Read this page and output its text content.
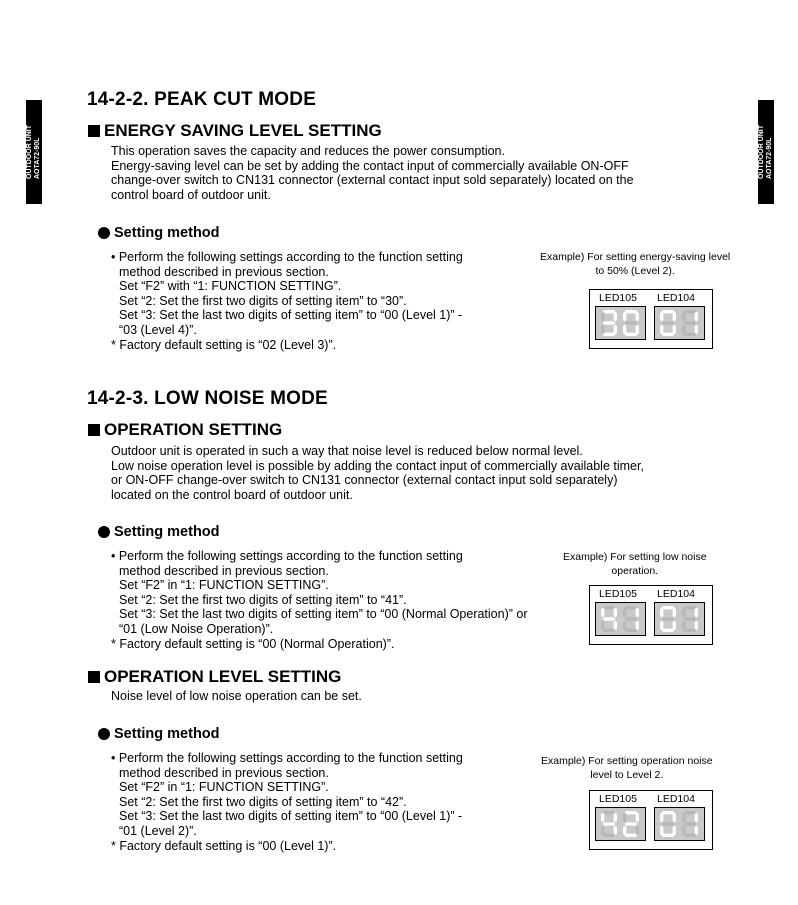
OUTDOOR UNIT AOTA72-90L	OUTDOOR UNIT AOTA72-90L
14-2-2. PEAK CUT MODE
ENERGY SAVING LEVEL SETTING
This operation saves the capacity and reduces the power consumption.
Energy-saving level can be set by adding the contact input of commercially available ON-OFF
change-over switch to CN131 connector (external contact input sold separately) located on the
control board of outdoor unit.
Setting method
• Perform the following settings according to the function setting
method described in previous section.
Set “F2” with “1: FUNCTION SETTING”.
Set “2: Set the first two digits of setting item” to “30”.
Set “3: Set the last two digits of setting item” to “00 (Level 1)” -
“03 (Level 4)”.
* Factory default setting is “02 (Level 3)”.
Example) For setting energy-saving level
to 50% (Level 2).
LED105 LED104
14-2-3. LOW NOISE MODE
OPERATION SETTING
Outdoor unit is operated in such a way that noise level is reduced below normal level.
Low noise operation level is possible by adding the contact input of commercially available timer,
or ON-OFF change-over switch to CN131 connector (external contact input sold separately)
located on the control board of outdoor unit.
Setting method
• Perform the following settings according to the function setting
method described in previous section.
Set “F2” in “1: FUNCTION SETTING”.
Set “2: Set the first two digits of setting item” to “41”.
Set “3: Set the last two digits of setting item” to “00 (Normal Operation)” or
“01 (Low Noise Operation)”.
* Factory default setting is “00 (Normal Operation)”.
Example) For setting low noise
operation.
LED105 LED104
OPERATION LEVEL SETTING
Noise level of low noise operation can be set.
Setting method
• Perform the following settings according to the function setting
method described in previous section.
Set “F2” in “1: FUNCTION SETTING”.
Set “2: Set the first two digits of setting item” to “42”.
Set “3: Set the last two digits of setting item” to “00 (Level 1)” -
“01 (Level 2)”.
* Factory default setting is “00 (Level 1)”.
Example) For setting operation noise
level to Level 2.
LED105 LED104
